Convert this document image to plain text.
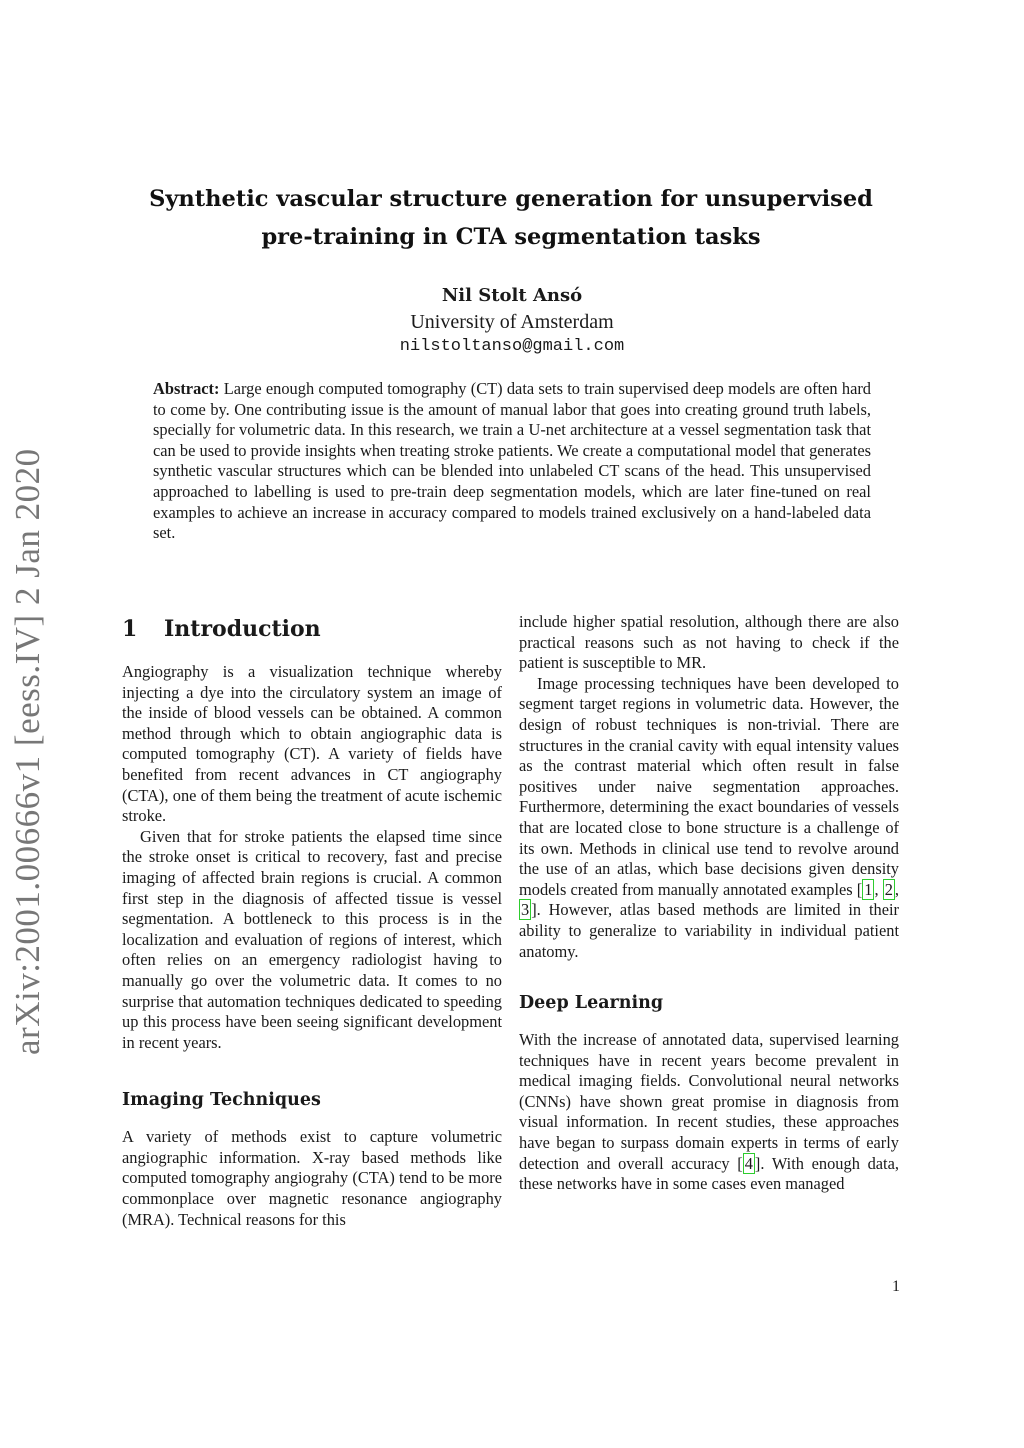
arXiv:2001.00666v1 [eess.IV] 2 Jan 2020
Synthetic vascular structure generation for unsupervised
pre-training in CTA segmentation tasks
Nil Stolt Ansó
University of Amsterdam
nilstoltanso@gmail.com
Abstract: Large enough computed tomography (CT) data sets to train supervised deep models are often hard to come by. One contributing issue is the amount of manual labor that goes into creating ground truth labels, specially for volumetric data. In this research, we train a U-net architecture at a vessel segmentation task that can be used to provide insights when treating stroke patients. We create a computational model that generates synthetic vascular structures which can be blended into unlabeled CT scans of the head. This unsupervised approached to labelling is used to pre-train deep segmentation models, which are later fine-tuned on real examples to achieve an increase in accuracy compared to models trained exclusively on a hand-labeled data set.
1 Introduction

Angiography is a visualization technique whereby injecting a dye into the circulatory system an image of the inside of blood vessels can be obtained. A common method through which to obtain angiographic data is computed tomography (CT). A variety of fields have benefited from recent advances in CT angiography (CTA), one of them being the treatment of acute ischemic stroke.

Given that for stroke patients the elapsed time since the stroke onset is critical to recovery, fast and precise imaging of affected brain regions is crucial. A common first step in the diagnosis of affected tissue is vessel segmentation. A bottleneck to this process is in the localization and evaluation of regions of interest, which often relies on an emergency radiologist having to manually go over the volumetric data. It comes to no surprise that automation techniques dedicated to speeding up this process have been seeing significant development in recent years.

Imaging Techniques

A variety of methods exist to capture volumetric angiographic information. X-ray based methods like computed tomography angiograhy (CTA) tend to be more commonplace over magnetic resonance angiography (MRA). Technical reasons for this

include higher spatial resolution, although there are also practical reasons such as not having to check if the patient is susceptible to MR.

Image processing techniques have been developed to segment target regions in volumetric data. However, the design of robust techniques is non-trivial. There are structures in the cranial cavity with equal intensity values as the contrast material which often result in false positives under naive segmentation approaches. Furthermore, determining the exact boundaries of vessels that are located close to bone structure is a challenge of its own. Methods in clinical use tend to revolve around the use of an atlas, which base decisions given density models created from manually annotated examples [ 1 , 2 , 3 ]. However, atlas based methods are limited in their ability to generalize to variability in individual patient anatomy.

Deep Learning

With the increase of annotated data, supervised learning techniques have in recent years become prevalent in medical imaging fields. Convolutional neural networks (CNNs) have shown great promise in diagnosis from visual information. In recent studies, these approaches have began to surpass domain experts in terms of early detection and overall accuracy [ 4 ]. With enough data, these networks have in some cases even managed

1
